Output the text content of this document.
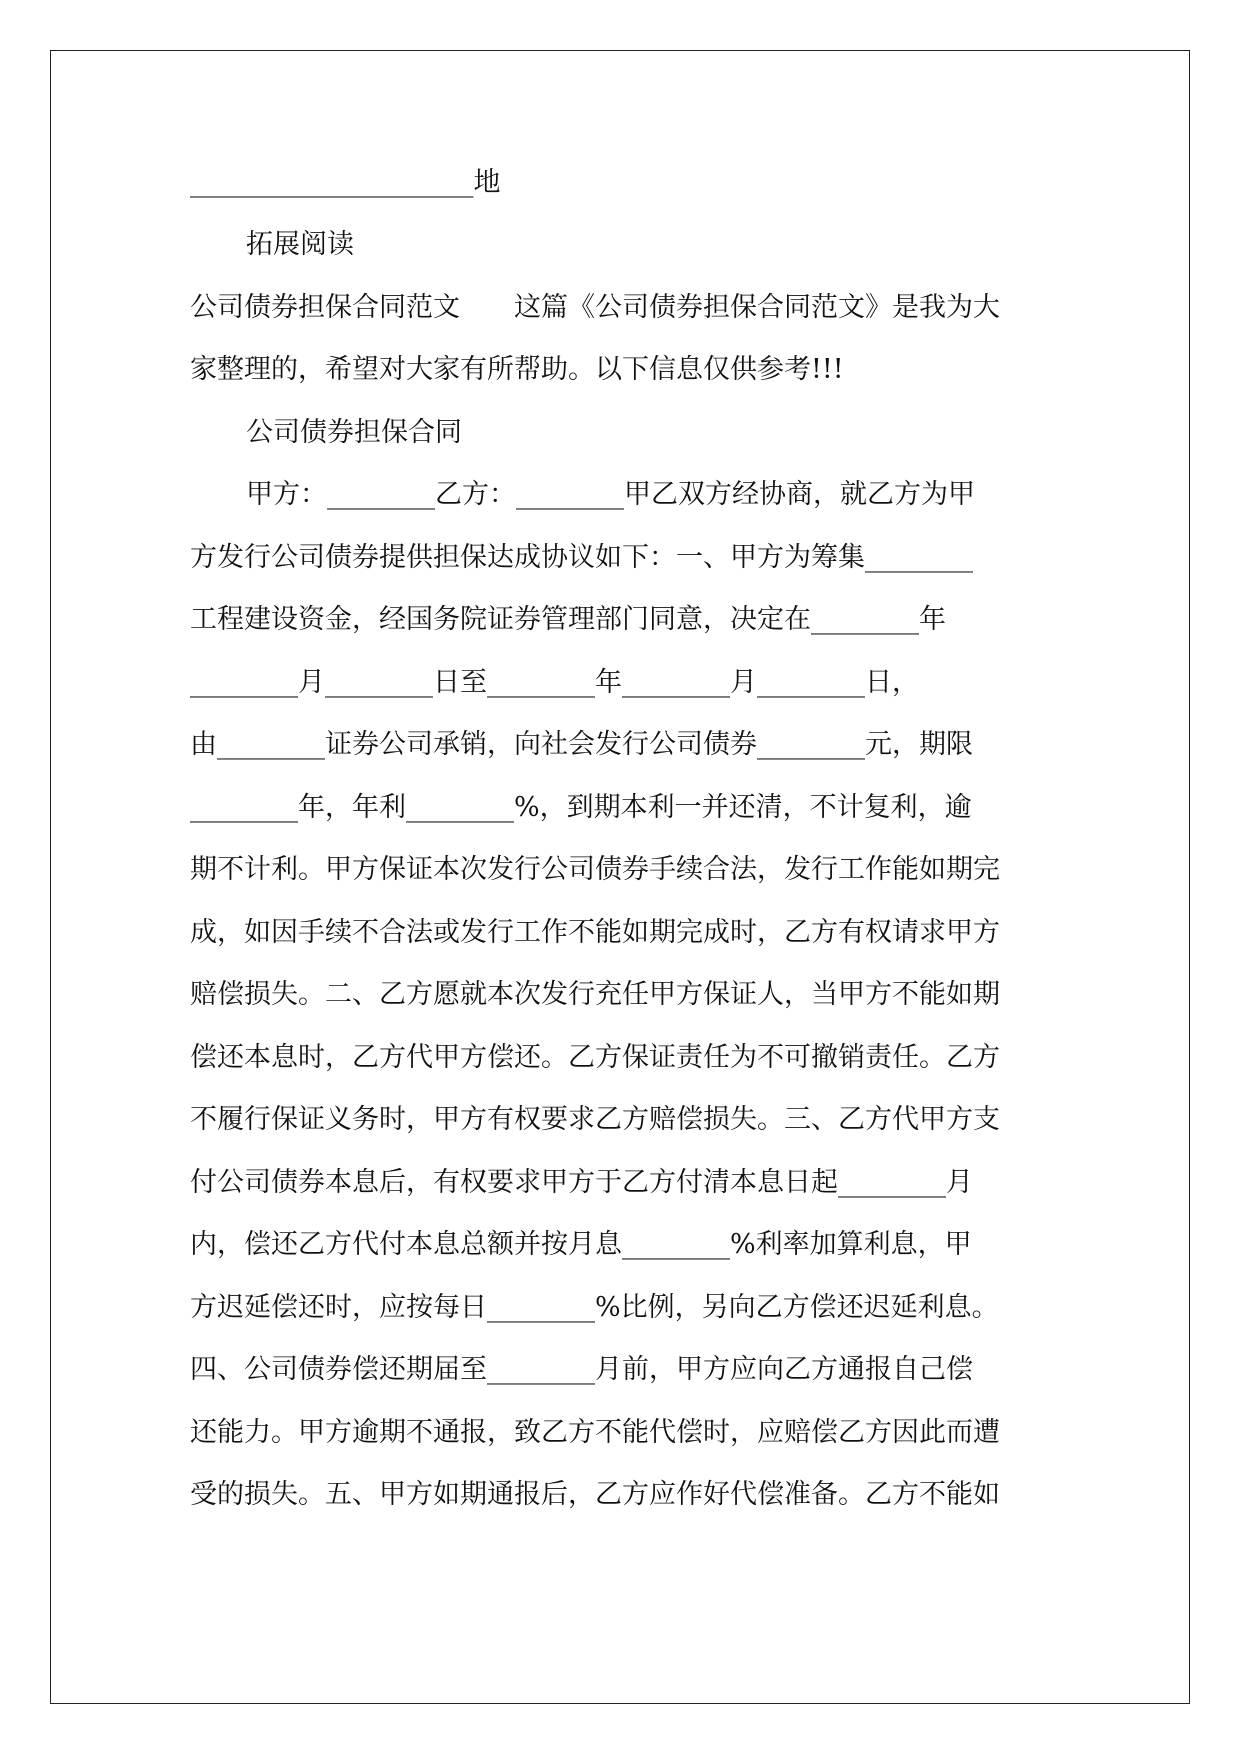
_____________________地
拓展阅读
公司债券担保合同范文　　这篇《公司债券担保合同范文》是我为大
家整理的，希望对大家有所帮助。以下信息仅供参考!!!
公司债券担保合同
甲方：________乙方：________甲乙双方经协商，就乙方为甲
方发行公司债券提供担保达成协议如下：一、甲方为筹集________
工程建设资金，经国务院证券管理部门同意，决定在________年
________月________日至________年________月________日，
由________证券公司承销，向社会发行公司债券________元，期限
________年，年利________%，到期本利一并还清，不计复利，逾
期不计利。甲方保证本次发行公司债券手续合法，发行工作能如期完
成，如因手续不合法或发行工作不能如期完成时，乙方有权请求甲方
赔偿损失。二、乙方愿就本次发行充任甲方保证人，当甲方不能如期
偿还本息时，乙方代甲方偿还。乙方保证责任为不可撤销责任。乙方
不履行保证义务时，甲方有权要求乙方赔偿损失。三、乙方代甲方支
付公司债券本息后，有权要求甲方于乙方付清本息日起________月
内，偿还乙方代付本息总额并按月息________%利率加算利息，甲
方迟延偿还时，应按每日________%比例，另向乙方偿还迟延利息。
四、公司债券偿还期届至________月前，甲方应向乙方通报自己偿
还能力。甲方逾期不通报，致乙方不能代偿时，应赔偿乙方因此而遭
受的损失。五、甲方如期通报后，乙方应作好代偿准备。乙方不能如
